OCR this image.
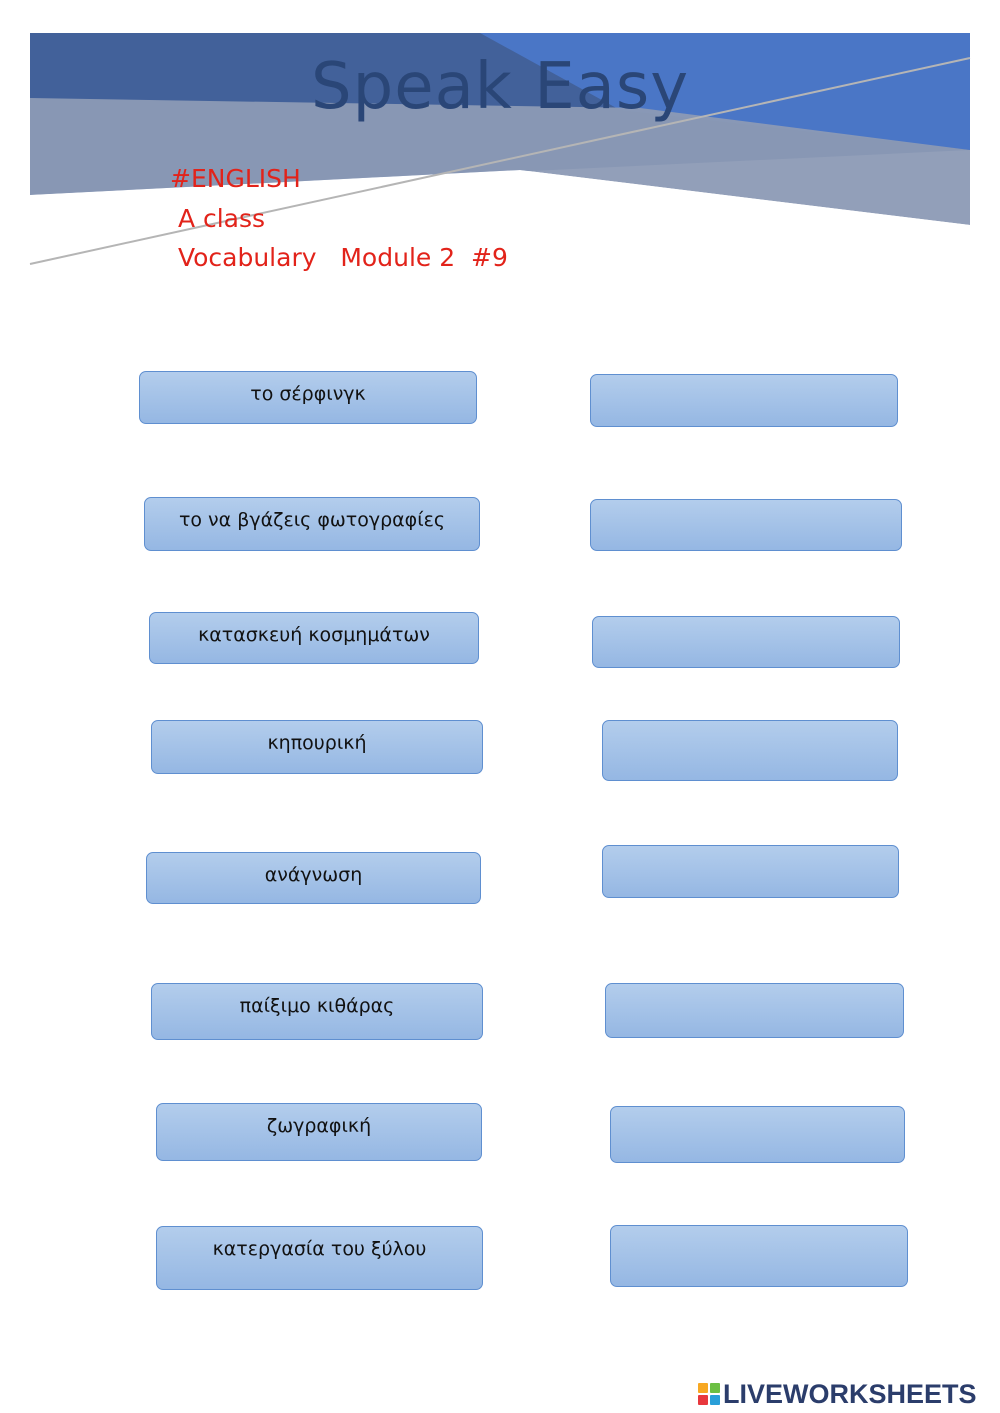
Speak Easy
#ENGLISH
A class
Vocabulary   Module 2  #9
το σέρφινγκ
το να βγάζεις φωτογραφίες
κατασκευή κοσμημάτων
κηπουρική
ανάγνωση
παίξιμο κιθάρας
ζωγραφική
κατεργασία του ξύλου
LIVEWORKSHEETS
